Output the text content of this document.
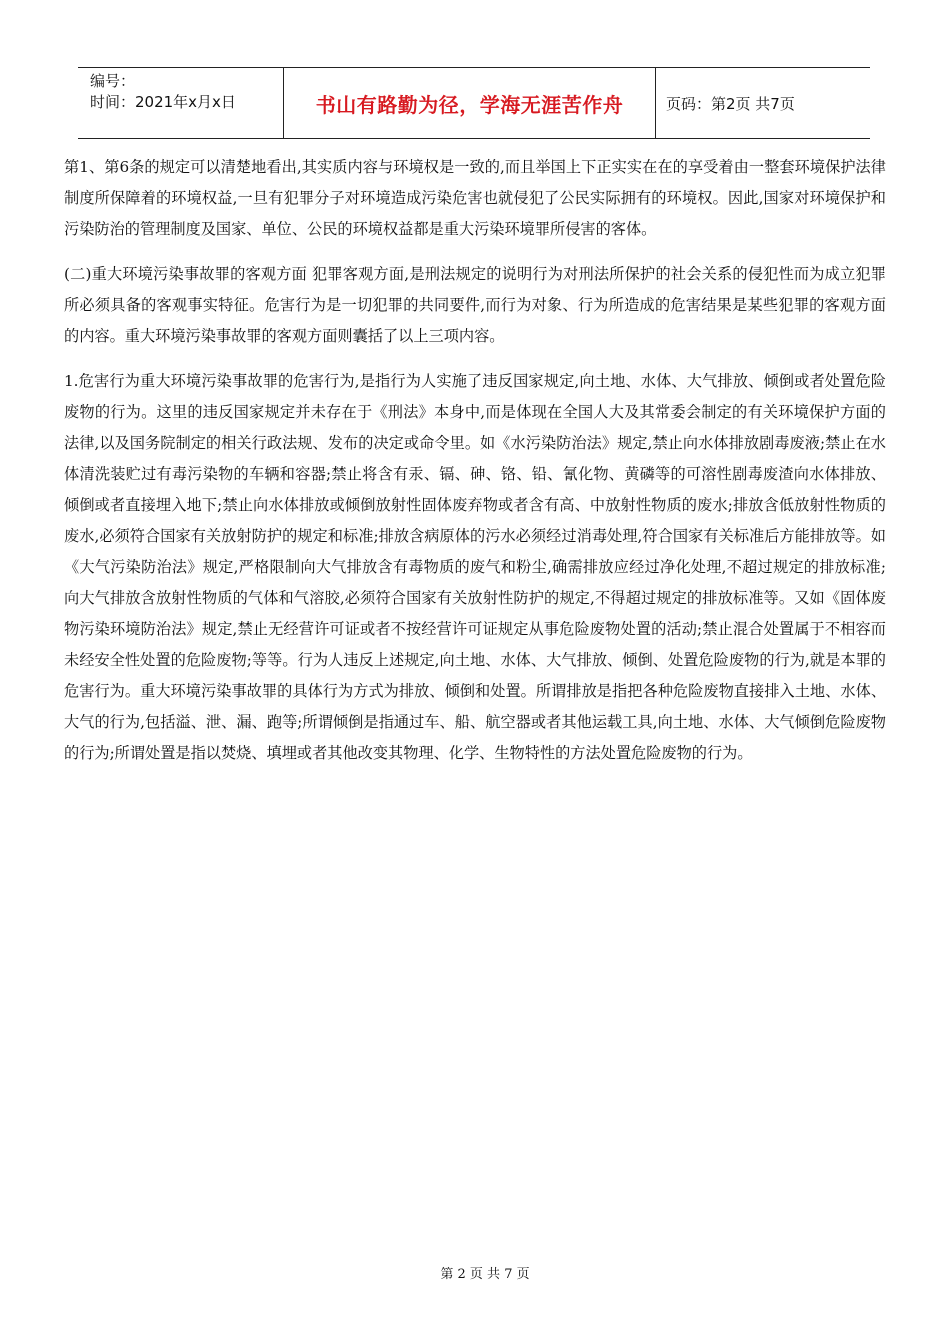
编号：
时间：2021年x月x日	书山有路勤为径，学海无涯苦作舟	页码：第2页 共7页

第1、第6条的规定可以清楚地看出,其实质内容与环境权是一致的,而且举国上下正实实在在的享受着由一整套环境保护法律制度所保障着的环境权益,一旦有犯罪分子对环境造成污染危害也就侵犯了公民实际拥有的环境权。因此,国家对环境保护和污染防治的管理制度及国家、单位、公民的环境权益都是重大污染环境罪所侵害的客体。

(二)重大环境污染事故罪的客观方面 犯罪客观方面,是刑法规定的说明行为对刑法所保护的社会关系的侵犯性而为成立犯罪所必须具备的客观事实特征。危害行为是一切犯罪的共同要件,而行为对象、行为所造成的危害结果是某些犯罪的客观方面的内容。重大环境污染事故罪的客观方面则囊括了以上三项内容。

1.危害行为重大环境污染事故罪的危害行为,是指行为人实施了违反国家规定,向土地、水体、大气排放、倾倒或者处置危险废物的行为。这里的违反国家规定并未存在于《刑法》本身中,而是体现在全国人大及其常委会制定的有关环境保护方面的法律,以及国务院制定的相关行政法规、发布的决定或命令里。如《水污染防治法》规定,禁止向水体排放剧毒废液;禁止在水体清洗装贮过有毒污染物的车辆和容器;禁止将含有汞、镉、砷、铬、铅、氰化物、黄磷等的可溶性剧毒废渣向水体排放、倾倒或者直接埋入地下;禁止向水体排放或倾倒放射性固体废弃物或者含有高、中放射性物质的废水;排放含低放射性物质的废水,必须符合国家有关放射防护的规定和标准;排放含病原体的污水必须经过消毒处理,符合国家有关标准后方能排放等。如《大气污染防治法》规定,严格限制向大气排放含有毒物质的废气和粉尘,确需排放应经过净化处理,不超过规定的排放标准;向大气排放含放射性物质的气体和气溶胶,必须符合国家有关放射性防护的规定,不得超过规定的排放标准等。又如《固体废物污染环境防治法》规定,禁止无经营许可证或者不按经营许可证规定从事危险废物处置的活动;禁止混合处置属于不相容而未经安全性处置的危险废物;等等。行为人违反上述规定,向土地、水体、大气排放、倾倒、处置危险废物的行为,就是本罪的危害行为。重大环境污染事故罪的具体行为方式为排放、倾倒和处置。所谓排放是指把各种危险废物直接排入土地、水体、大气的行为,包括溢、泄、漏、跑等;所谓倾倒是指通过车、船、航空器或者其他运载工具,向土地、水体、大气倾倒危险废物的行为;所谓处置是指以焚烧、填埋或者其他改变其物理、化学、生物特性的方法处置危险废物的行为。

第 2 页 共 7 页
